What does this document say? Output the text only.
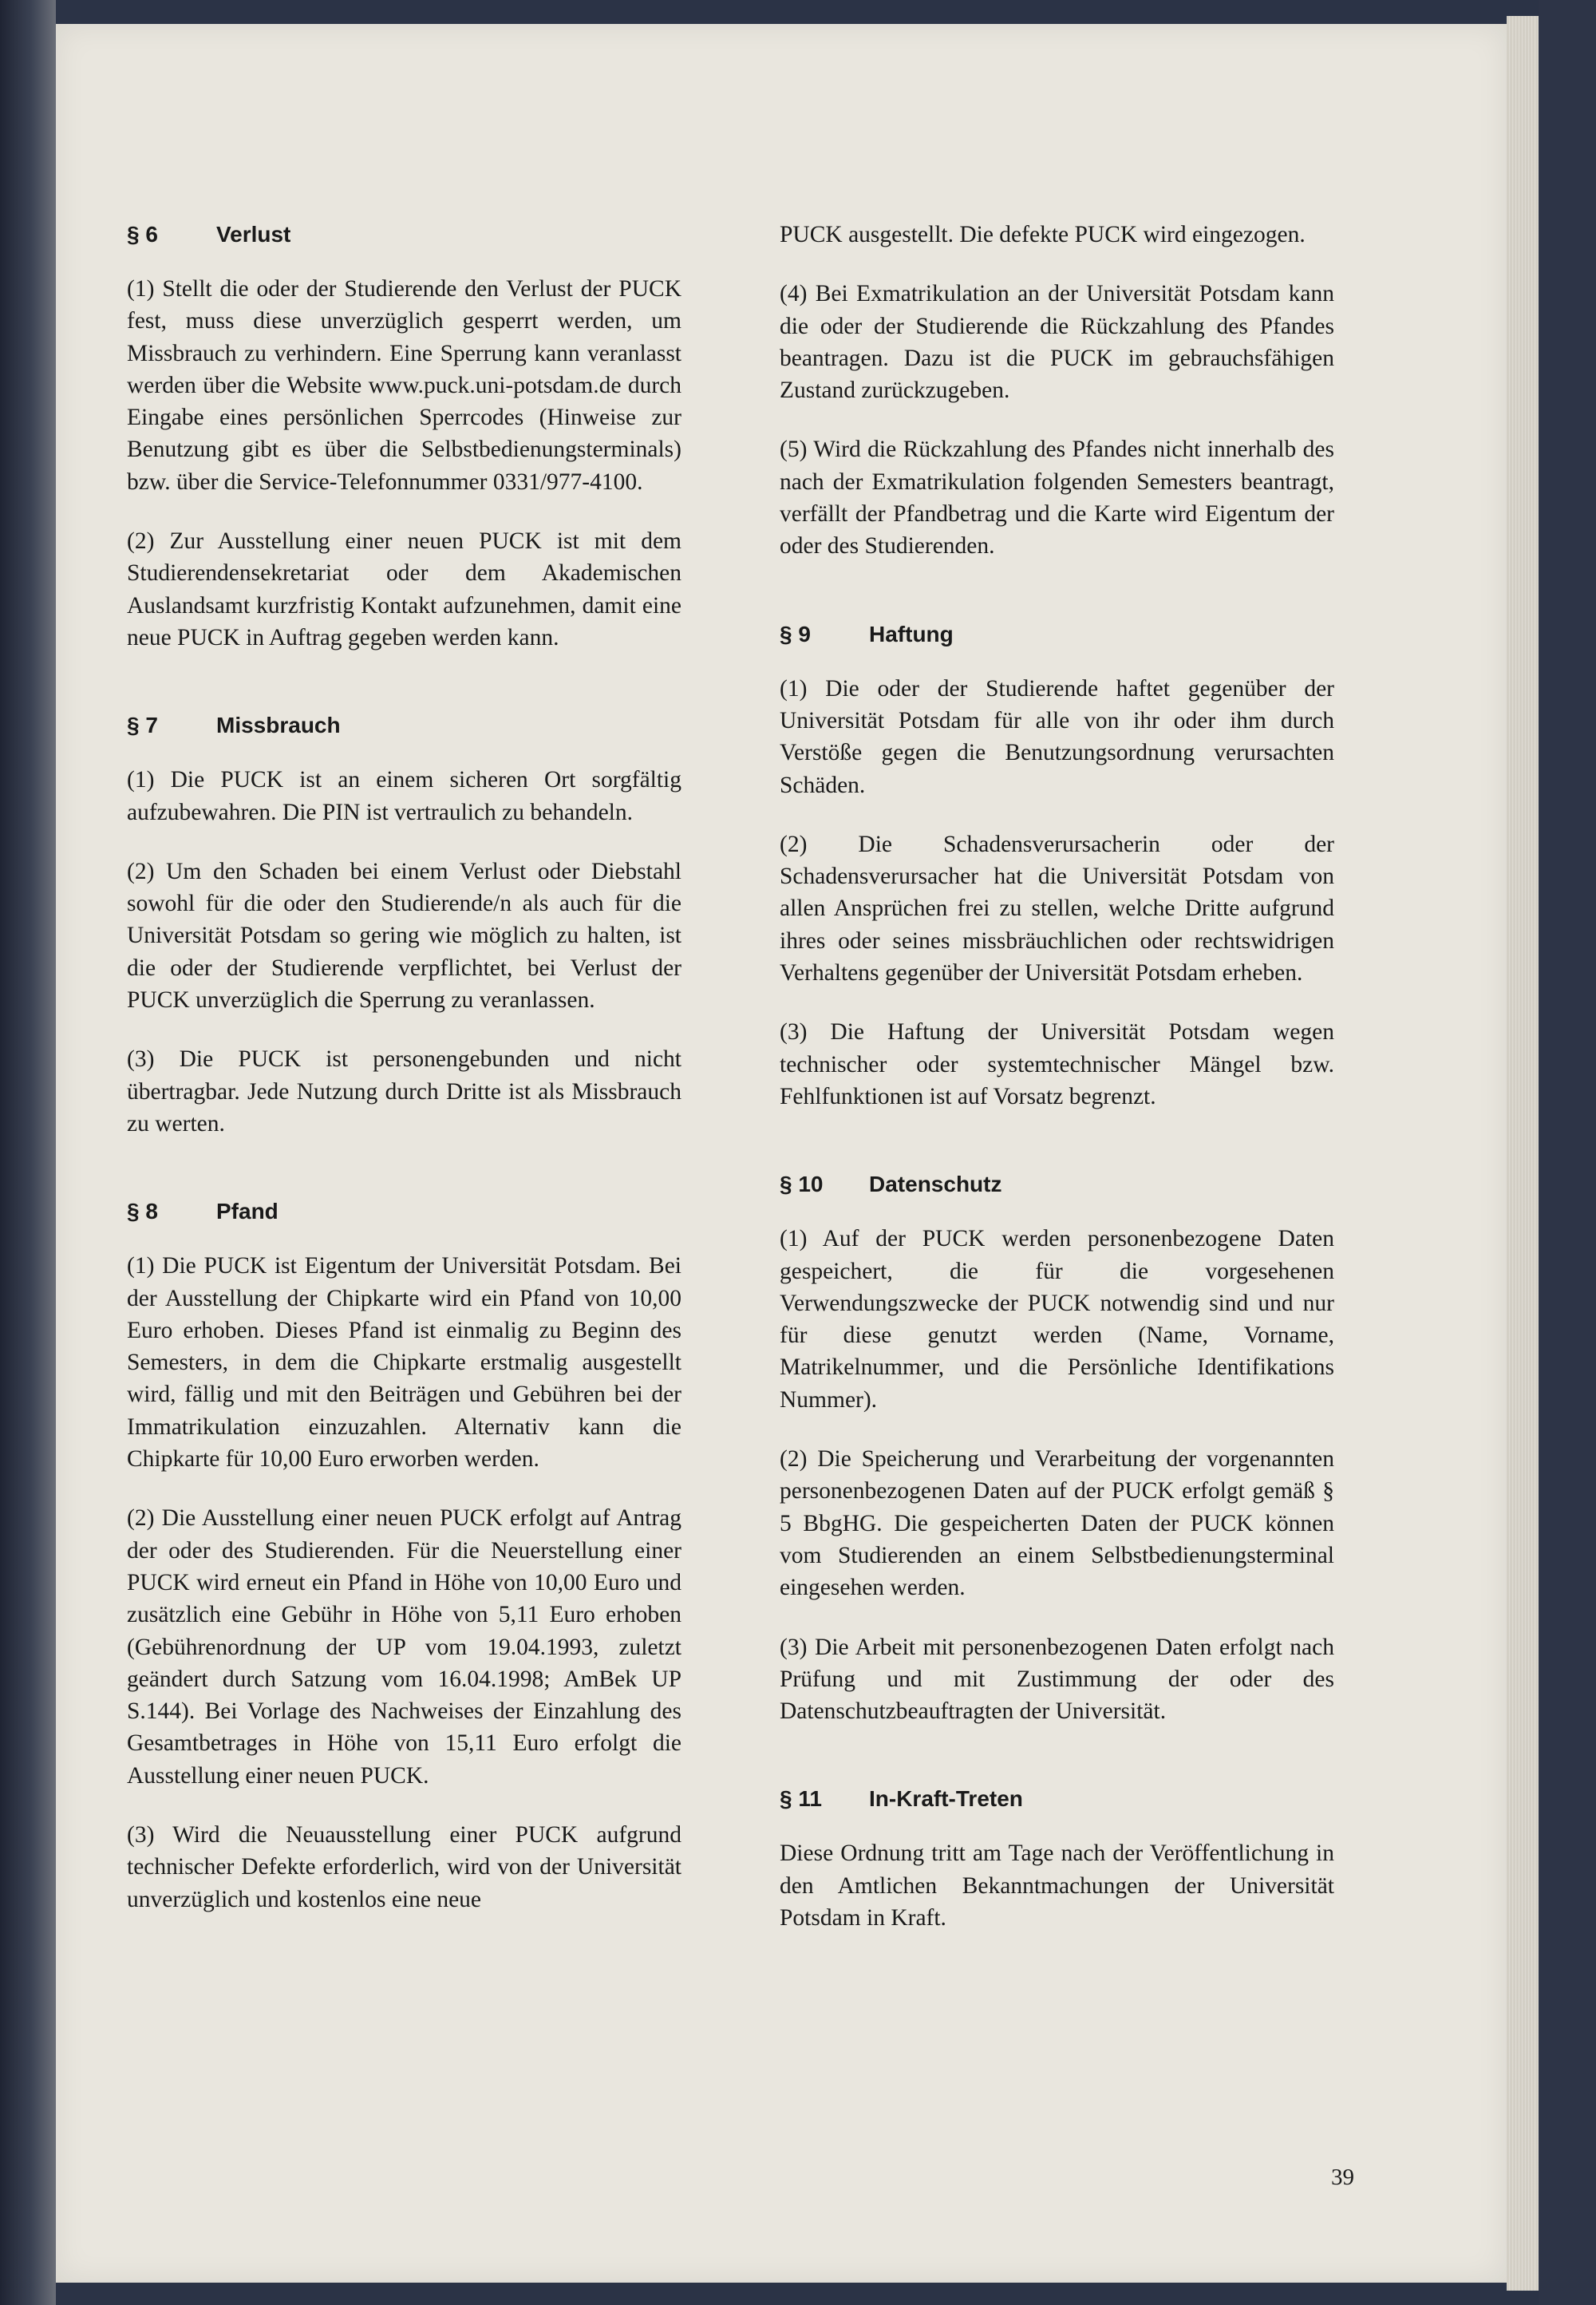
§ 6	Verlust

(1) Stellt die oder der Studierende den Verlust der PUCK fest, muss diese unverzüglich gesperrt werden, um Missbrauch zu verhindern. Eine Sperrung kann veranlasst werden über die Website www.puck.uni-potsdam.de durch Eingabe eines persönlichen Sperrcodes (Hinweise zur Benutzung gibt es über die Selbstbedienungsterminals) bzw. über die Service-Telefonnummer 0331/977-4100.

(2) Zur Ausstellung einer neuen PUCK ist mit dem Studierendensekretariat oder dem Akademischen Auslandsamt kurzfristig Kontakt aufzunehmen, damit eine neue PUCK in Auftrag gegeben werden kann.

§ 7	Missbrauch

(1) Die PUCK ist an einem sicheren Ort sorgfältig aufzubewahren. Die PIN ist vertraulich zu behandeln.

(2) Um den Schaden bei einem Verlust oder Diebstahl sowohl für die oder den Studierende/n als auch für die Universität Potsdam so gering wie möglich zu halten, ist die oder der Studierende verpflichtet, bei Verlust der PUCK unverzüglich die Sperrung zu veranlassen.

(3) Die PUCK ist personengebunden und nicht übertragbar. Jede Nutzung durch Dritte ist als Missbrauch zu werten.

§ 8	Pfand

(1) Die PUCK ist Eigentum der Universität Potsdam. Bei der Ausstellung der Chipkarte wird ein Pfand von 10,00 Euro erhoben. Dieses Pfand ist einmalig zu Beginn des Semesters, in dem die Chipkarte erstmalig ausgestellt wird, fällig und mit den Beiträgen und Gebühren bei der Immatrikulation einzuzahlen. Alternativ kann die Chipkarte für 10,00 Euro erworben werden.

(2) Die Ausstellung einer neuen PUCK erfolgt auf Antrag der oder des Studierenden. Für die Neuerstellung einer PUCK wird erneut ein Pfand in Höhe von 10,00 Euro und zusätzlich eine Gebühr in Höhe von 5,11 Euro erhoben (Gebührenordnung der UP vom 19.04.1993, zuletzt geändert durch Satzung vom 16.04.1998; AmBek UP S.144). Bei Vorlage des Nachweises der Einzahlung des Gesamtbetrages in Höhe von 15,11 Euro erfolgt die Ausstellung einer neuen PUCK.

(3) Wird die Neuausstellung einer PUCK aufgrund technischer Defekte erforderlich, wird von der Universität unverzüglich und kostenlos eine neue

PUCK ausgestellt. Die defekte PUCK wird eingezogen.

(4) Bei Exmatrikulation an der Universität Potsdam kann die oder der Studierende die Rückzahlung des Pfandes beantragen. Dazu ist die PUCK im gebrauchsfähigen Zustand zurückzugeben.

(5) Wird die Rückzahlung des Pfandes nicht innerhalb des nach der Exmatrikulation folgenden Semesters beantragt, verfällt der Pfandbetrag und die Karte wird Eigentum der oder des Studierenden.

§ 9	Haftung

(1) Die oder der Studierende haftet gegenüber der Universität Potsdam für alle von ihr oder ihm durch Verstöße gegen die Benutzungsordnung verursachten Schäden.

(2) Die Schadensverursacherin oder der Schadensverursacher hat die Universität Potsdam von allen Ansprüchen frei zu stellen, welche Dritte aufgrund ihres oder seines missbräuchlichen oder rechtswidrigen Verhaltens gegenüber der Universität Potsdam erheben.

(3) Die Haftung der Universität Potsdam wegen technischer oder systemtechnischer Mängel bzw. Fehlfunktionen ist auf Vorsatz begrenzt.

§ 10	Datenschutz

(1) Auf der PUCK werden personenbezogene Daten gespeichert, die für die vorgesehenen Verwendungszwecke der PUCK notwendig sind und nur für diese genutzt werden (Name, Vorname, Matrikelnummer, und die Persönliche Identifikations Nummer).

(2) Die Speicherung und Verarbeitung der vorgenannten personenbezogenen Daten auf der PUCK erfolgt gemäß § 5 BbgHG. Die gespeicherten Daten der PUCK können vom Studierenden an einem Selbstbedienungsterminal eingesehen werden.

(3) Die Arbeit mit personenbezogenen Daten erfolgt nach Prüfung und mit Zustimmung der oder des Datenschutzbeauftragten der Universität.

§ 11	In-Kraft-Treten

Diese Ordnung tritt am Tage nach der Veröffentlichung in den Amtlichen Bekanntmachungen der Universität Potsdam in Kraft.

39
